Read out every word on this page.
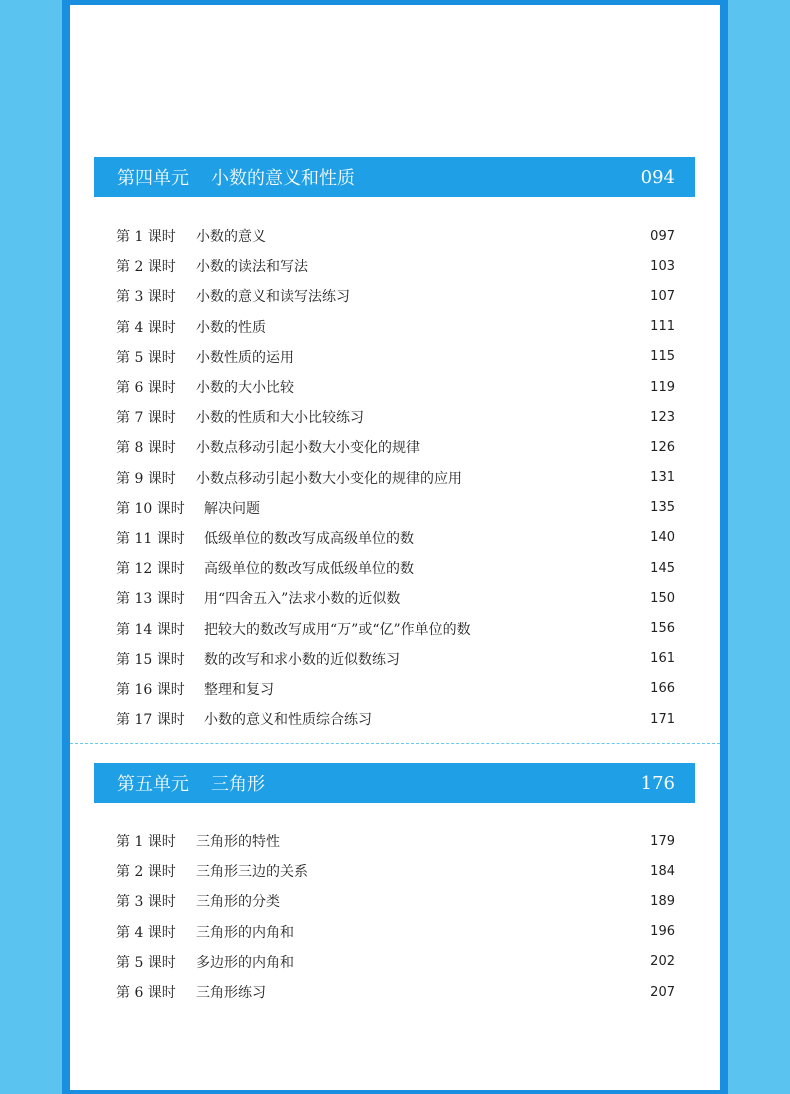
第四单元 小数的意义和性质	094
第 1 课时	小数的意义	097
第 2 课时	小数的读法和写法	103
第 3 课时	小数的意义和读写法练习	107
第 4 课时	小数的性质	111
第 5 课时	小数性质的运用	115
第 6 课时	小数的大小比较	119
第 7 课时	小数的性质和大小比较练习	123
第 8 课时	小数点移动引起小数大小变化的规律	126
第 9 课时	小数点移动引起小数大小变化的规律的应用	131
第 10 课时	解决问题	135
第 11 课时	低级单位的数改写成高级单位的数	140
第 12 课时	高级单位的数改写成低级单位的数	145
第 13 课时	用“四舍五入”法求小数的近似数	150
第 14 课时	把较大的数改写成用“万”或“亿”作单位的数	156
第 15 课时	数的改写和求小数的近似数练习	161
第 16 课时	整理和复习	166
第 17 课时	小数的意义和性质综合练习	171
第五单元 三角形	176
第 1 课时	三角形的特性	179
第 2 课时	三角形三边的关系	184
第 3 课时	三角形的分类	189
第 4 课时	三角形的内角和	196
第 5 课时	多边形的内角和	202
第 6 课时	三角形练习	207
